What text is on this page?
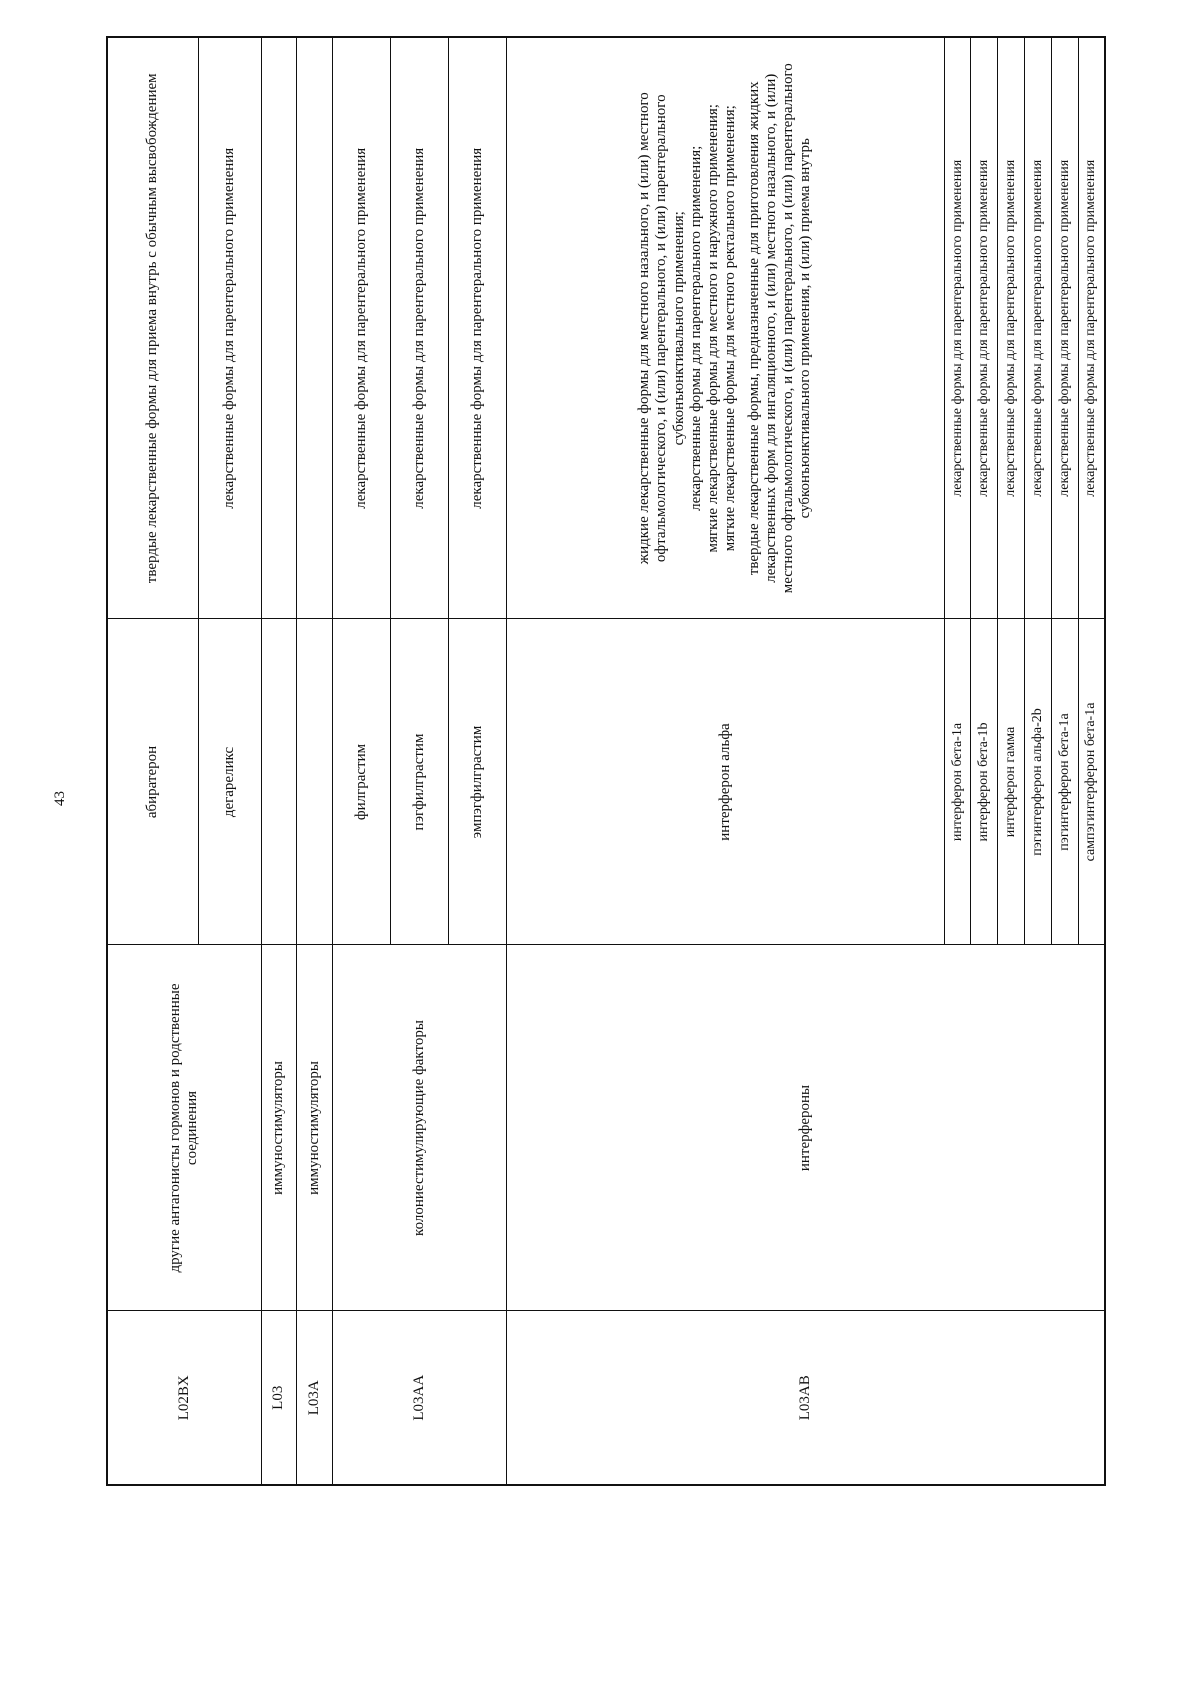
43
L02BX	другие антагонисты гормонов и родственные соединения	абиратерон	твердые лекарственные формы для приема внутрь с обычным высвобождением
		дегареликс	лекарственные формы для парентерального применения
L03	иммуностимуляторы		
L03A	иммуностимуляторы		
L03AA	колониестимулирующие факторы	филграстим	лекарственные формы для парентерального применения
		пэгфилграстим	лекарственные формы для парентерального применения
		эмпэгфилграстим	лекарственные формы для парентерального применения
L03AB	интерфероны	интерферон альфа	жидкие лекарственные формы для местного назального, и (или) местного офтальмологического, и (или) парентерального, и (или) парентерального субконъюнктивального применения; лекарственные формы для парентерального применения; мягкие лекарственные формы для местного и наружного применения; мягкие лекарственные формы для местного ректального применения; твердые лекарственные формы, предназначенные для приготовления жидких лекарственных форм для ингаляционного, и (или) местного назального, и (или) местного офтальмологического, и (или) парентерального, и (или) парентерального субконъюнктивального применения, и (или) приема внутрь

		интерферон бета-1a	лекарственные формы для парентерального применения
		интерферон бета-1b	лекарственные формы для парентерального применения
		интерферон гамма	лекарственные формы для парентерального применения
		пэгинтерферон альфа-2b	лекарственные формы для парентерального применения
		пэгинтерферон бета-1a	лекарственные формы для парентерального применения
		сампэгинтерферон бета-1a	лекарственные формы для парентерального применения
